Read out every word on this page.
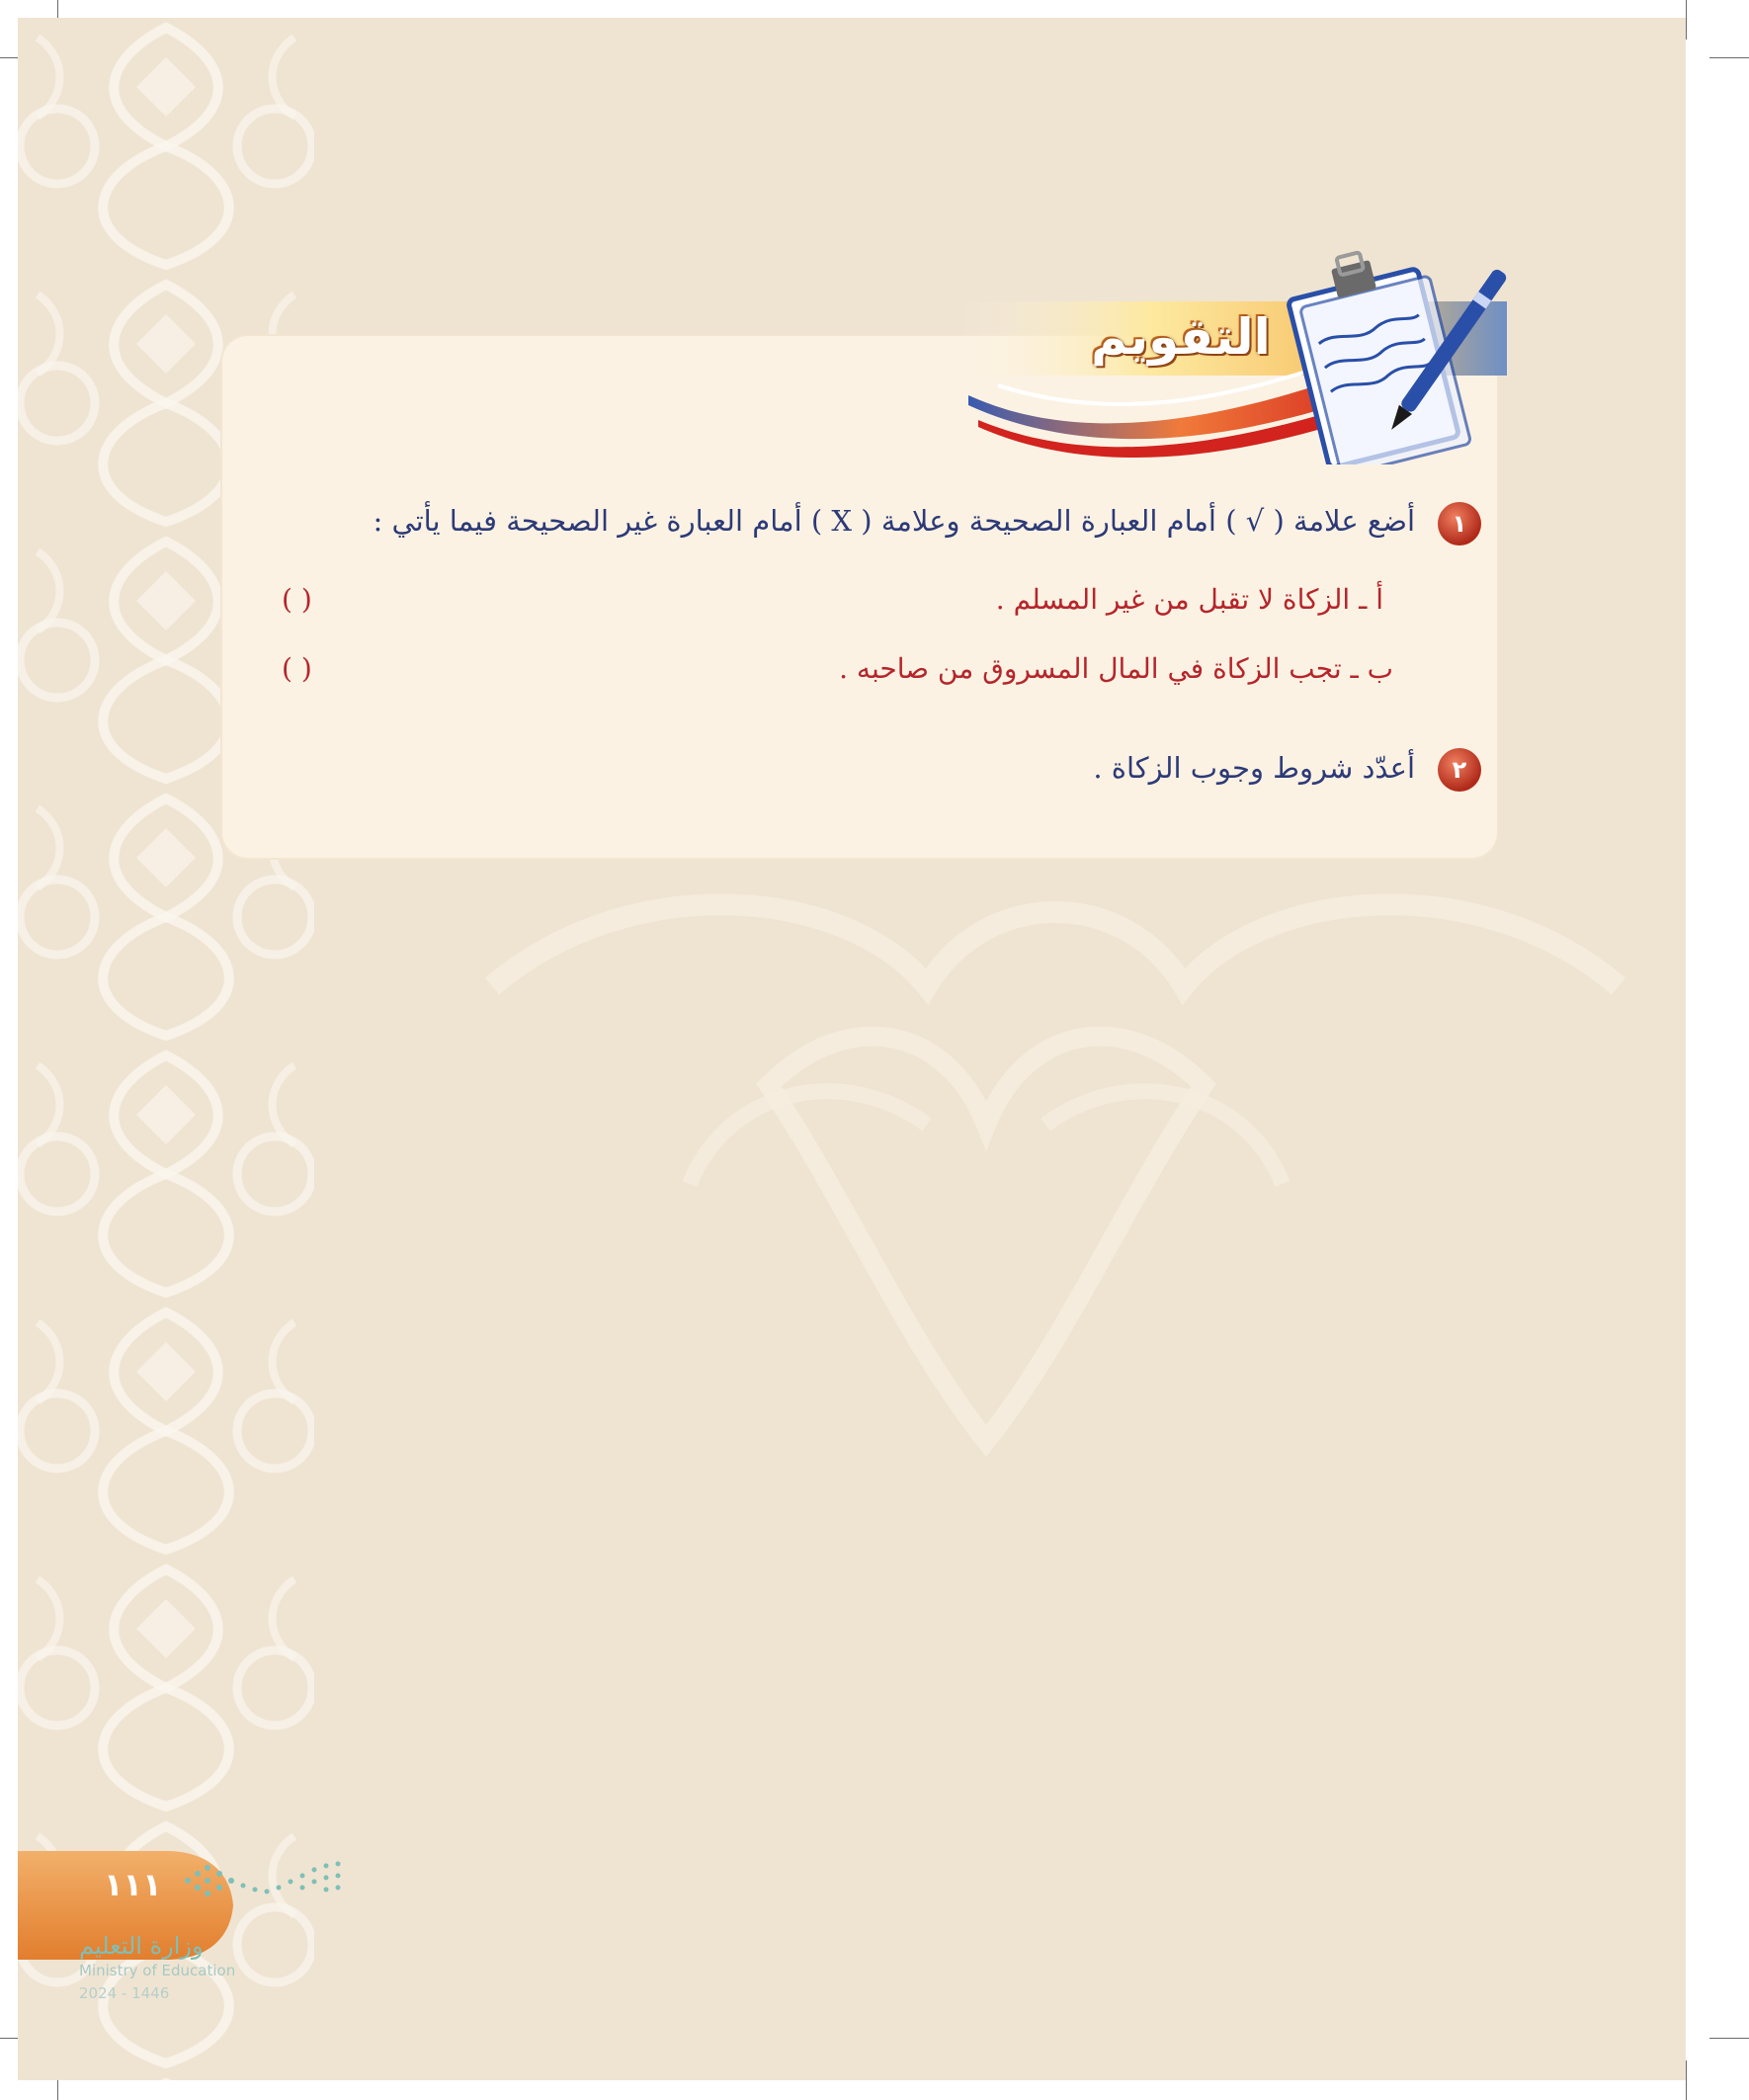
التقويم
١
أضع علامة ( √ ) أمام العبارة الصحيحة وعلامة ( X ) أمام العبارة غير الصحيحة فيما يأتي :
أ ـ الزكاة لا تقبل من غير المسلم .
( )
ب ـ تجب الزكاة في المال المسروق من صاحبه .
( )
٢
أعدّد شروط وجوب الزكاة .
١١١
وزارة التعليم
Ministry of Education
2024 - 1446
